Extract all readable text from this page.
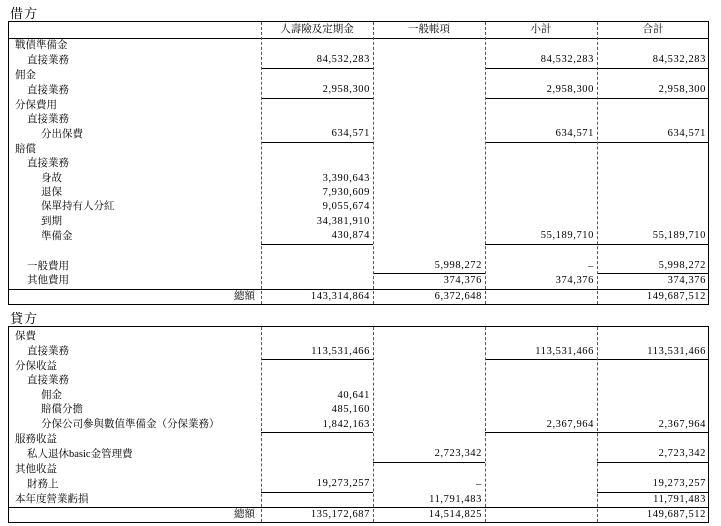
借方
	人壽險及定期金	一般帳項	小計	合計
戰債準備金				
直接業務	84,532,283		84,532,283	84,532,283
佣金				
直接業務	2,958,300		2,958,300	2,958,300
分保費用				
直接業務				
分出保費	634,571		634,571	634,571
賠償				
直接業務				
身故	3,390,643			
退保	7,930,609			
保單持有人分紅	9,055,674			
到期	34,381,910			
準備金	430,874		55,189,710	55,189,710

一般費用		5,998,272	–	5,998,272
其他費用		374,376	374,376	374,376
總額	143,314,864	6,372,648		149,687,512
貸方

保費				
直接業務	113,531,466		113,531,466	113,531,466
分保收益				
直接業務				
佣金	40,641			
賠償分擔	485,160			
分保公司參與數值準備金（分保業務）	1,842,163		2,367,964	2,367,964
服務收益				
私人退休basic金管理費		2,723,342		2,723,342
其他收益				
財務上	19,273,257	–		19,273,257
本年度營業虧損		11,791,483		11,791,483
總額	135,172,687	14,514,825		149,687,512
